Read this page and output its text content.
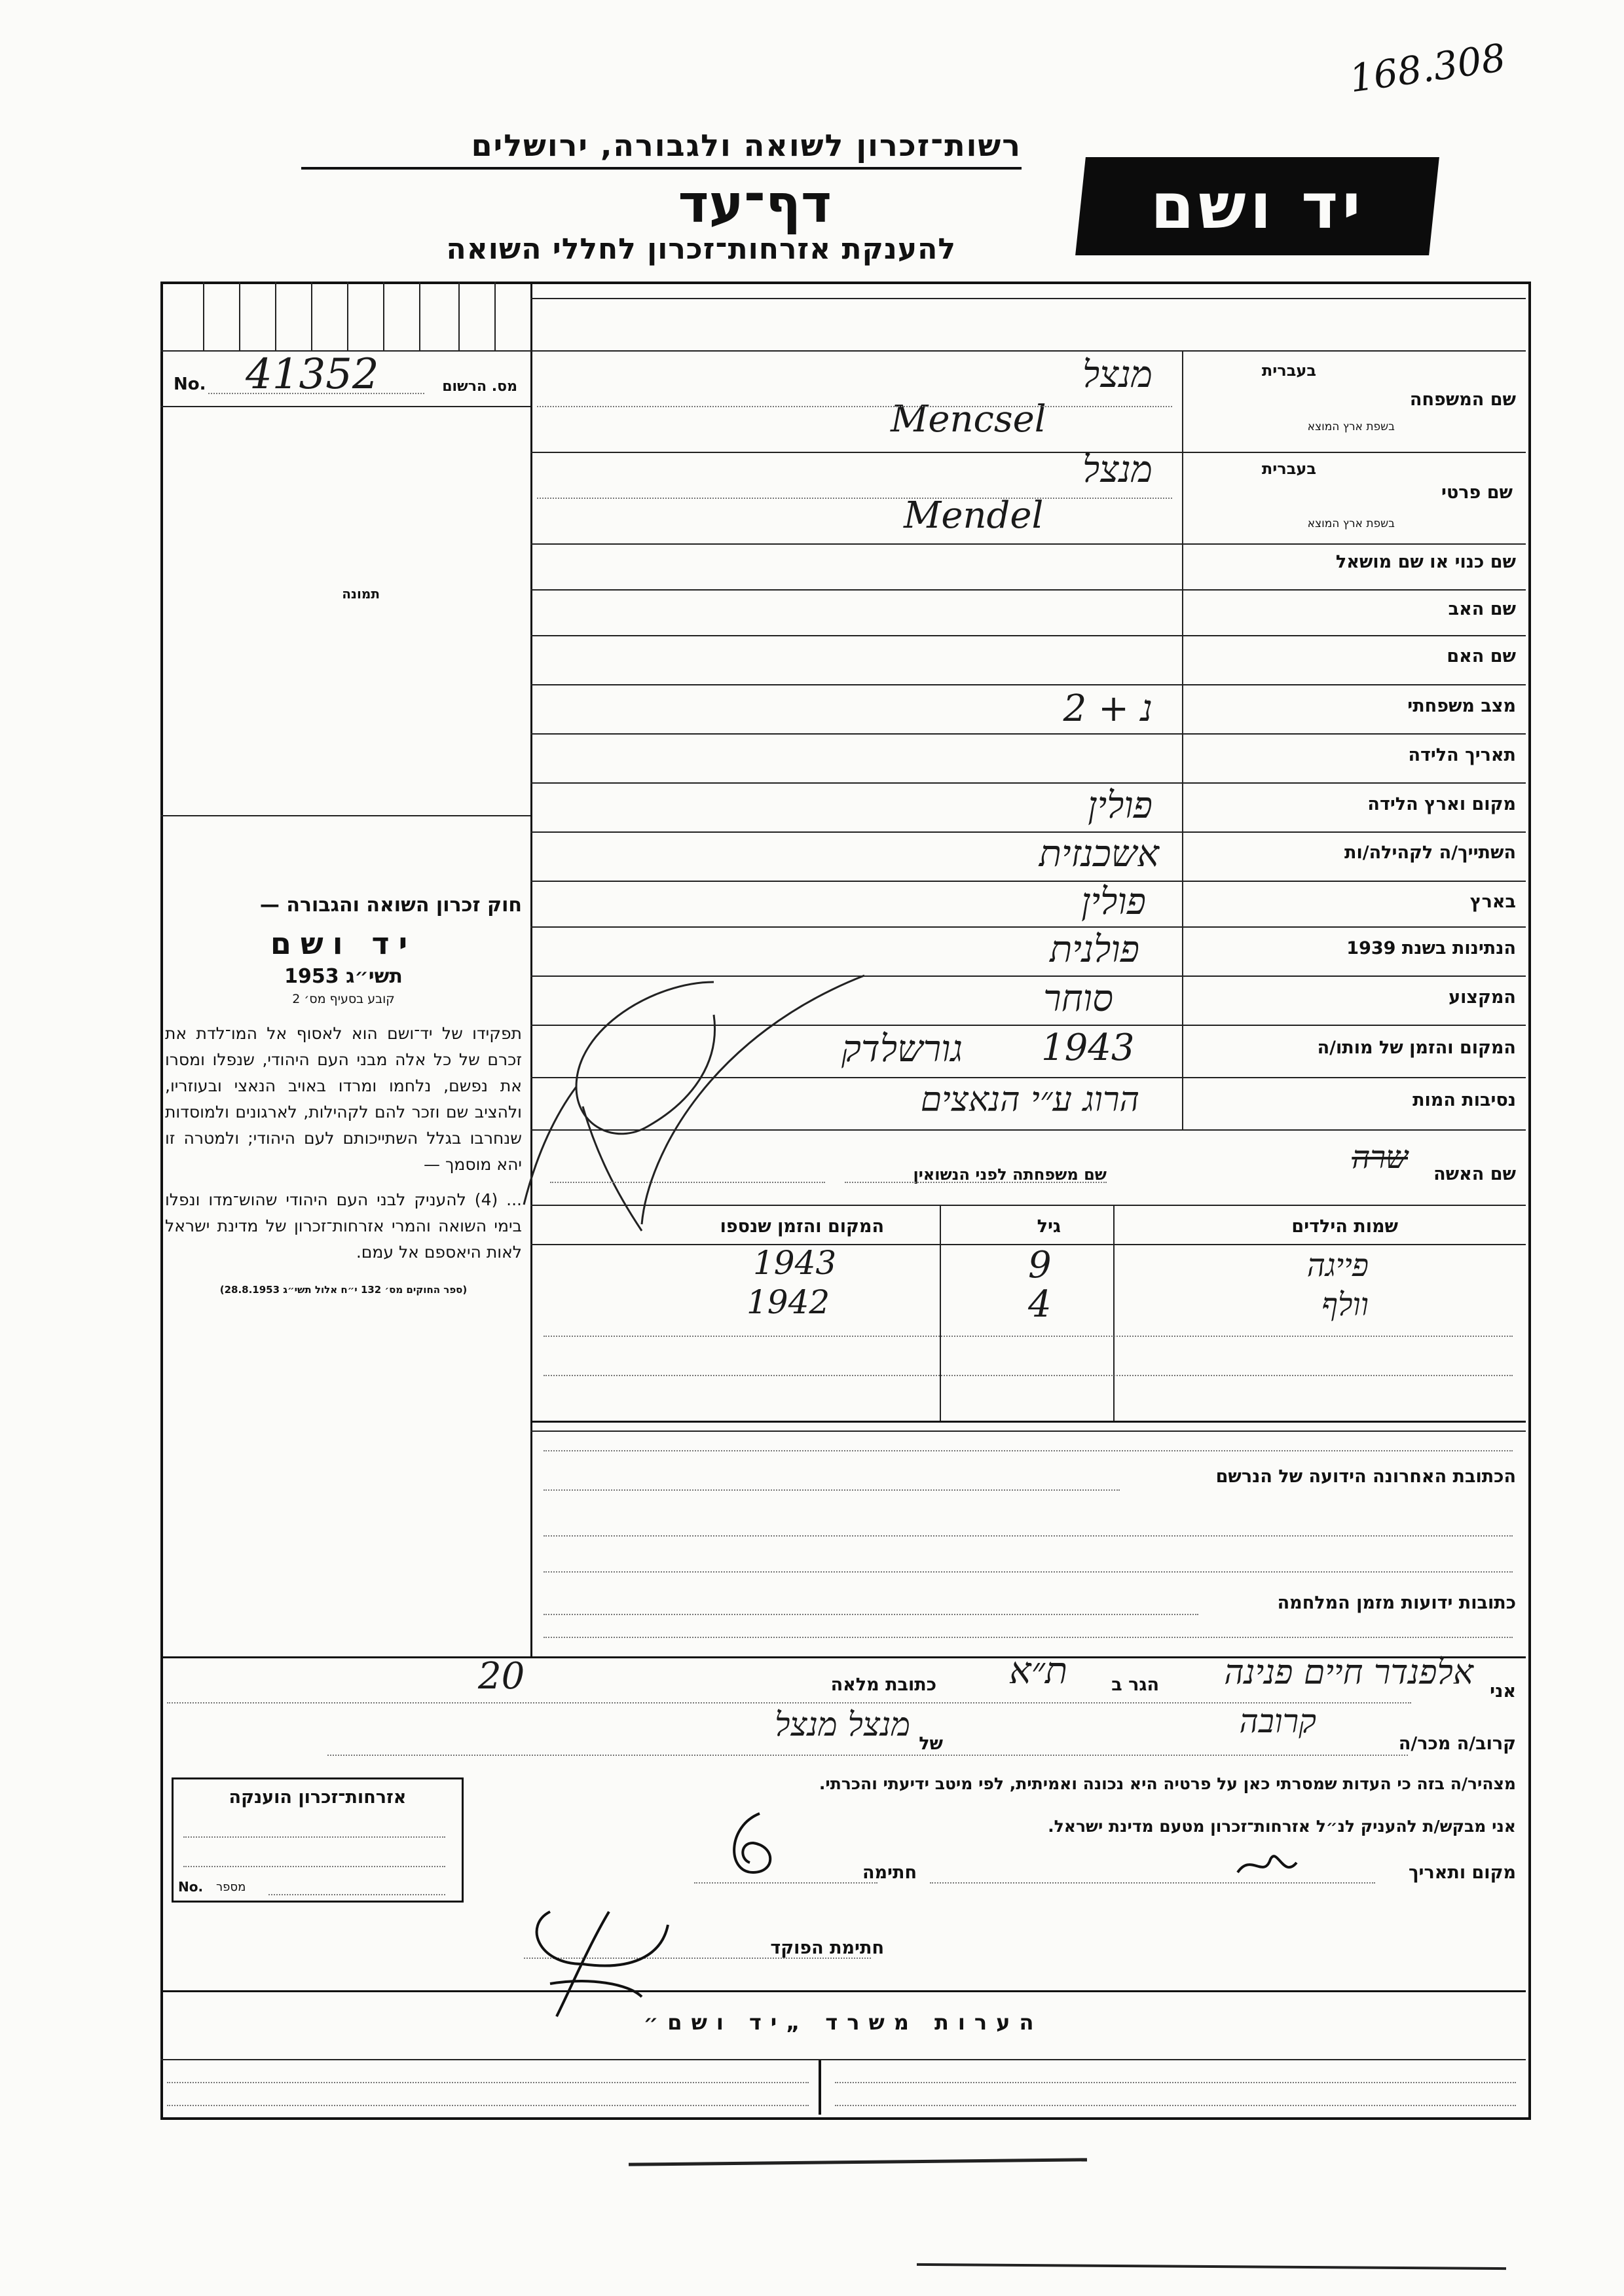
168.308
רשות־זכרון לשואה ולגבורה, ירושלים
דף־עד
להענקת אזרחות־זכרון לחללי השואה
יד ושם
No. 41352	מס. הרשום
תמונה
שם המשפחה
בעברית
בשפת ארץ המוצא
מנצל
Mencsel
שם פרטי
בעברית
בשפת ארץ המוצא
מנצל
Mendel
שם כנוי או שם מושאל
שם האב
שם האם
מצב משפחתי
נ + 2
תאריך הלידה
מקום וארץ הלידה
פולין
השתייך/ה לקהילה/ות
אשכנזית
בארץ
פולין
הנתינות בשנת 1939
פולנית
המקצוע
סוחר
המקום והזמן של מותו/ה
1943
גורשלדק
נסיבות המות
הרוג ע״י הנאצים
שם האשה
שרה
שם משפחתה לפני הנשואין
שמות הילדים
גיל
המקום והזמן שנספו
פייגה
9
1943
וולף
4
1942
חוק זכרון השואה והגבורה —
יד ושם
תשי״ג 1953
קובע בסעיף מס׳ 2
תפקידו של יד־ושם הוא לאסוף אל המו־לדת את זכרם של כל אלה מבני העם היהודי, שנפלו ומסרו את נפשם, נלחמו ומרדו באויב הנאצי ובעוזריו, ולהציב שם וזכר להם לקהילות, לארגונים ולמוסדות שנחרבו בגלל השתייכותם לעם היהודי; ולמטרה זו יהא מוסמך —
... (4) להעניק לבני העם היהודי שהוש־מדו ונפלו בימי השואה והמרי אזרחות־זכרון של מדינת ישראל לאות היאספם אל עמם.
(ספר החוקים מס׳ 132 י״ח אלול תשי״ג 28.8.1953)
הכתובת האחרונה הידועה של הנרשם
כתובות ידועות מזמן המלחמה
אני
אלפנדר חיים פנינה
הגר ב
ת״א
כתובת מלאה
20
קרוב/ה מכר/ה
קרובה
של
מנצל מנצל
מצהיר/ה בזה כי העדות שמסרתי כאן על פרטיה היא נכונה ואמיתית, לפי מיטב ידיעתי והכרתי.
אני מבקש/ת להעניק לנ״ל אזרחות־זכרון מטעם מדינת ישראל.
מקום ותאריך
חתימה
חתימת הפוקד
אזרחות־זכרון הוענקה
No. מספר
הערות משרד „יד ושם״
